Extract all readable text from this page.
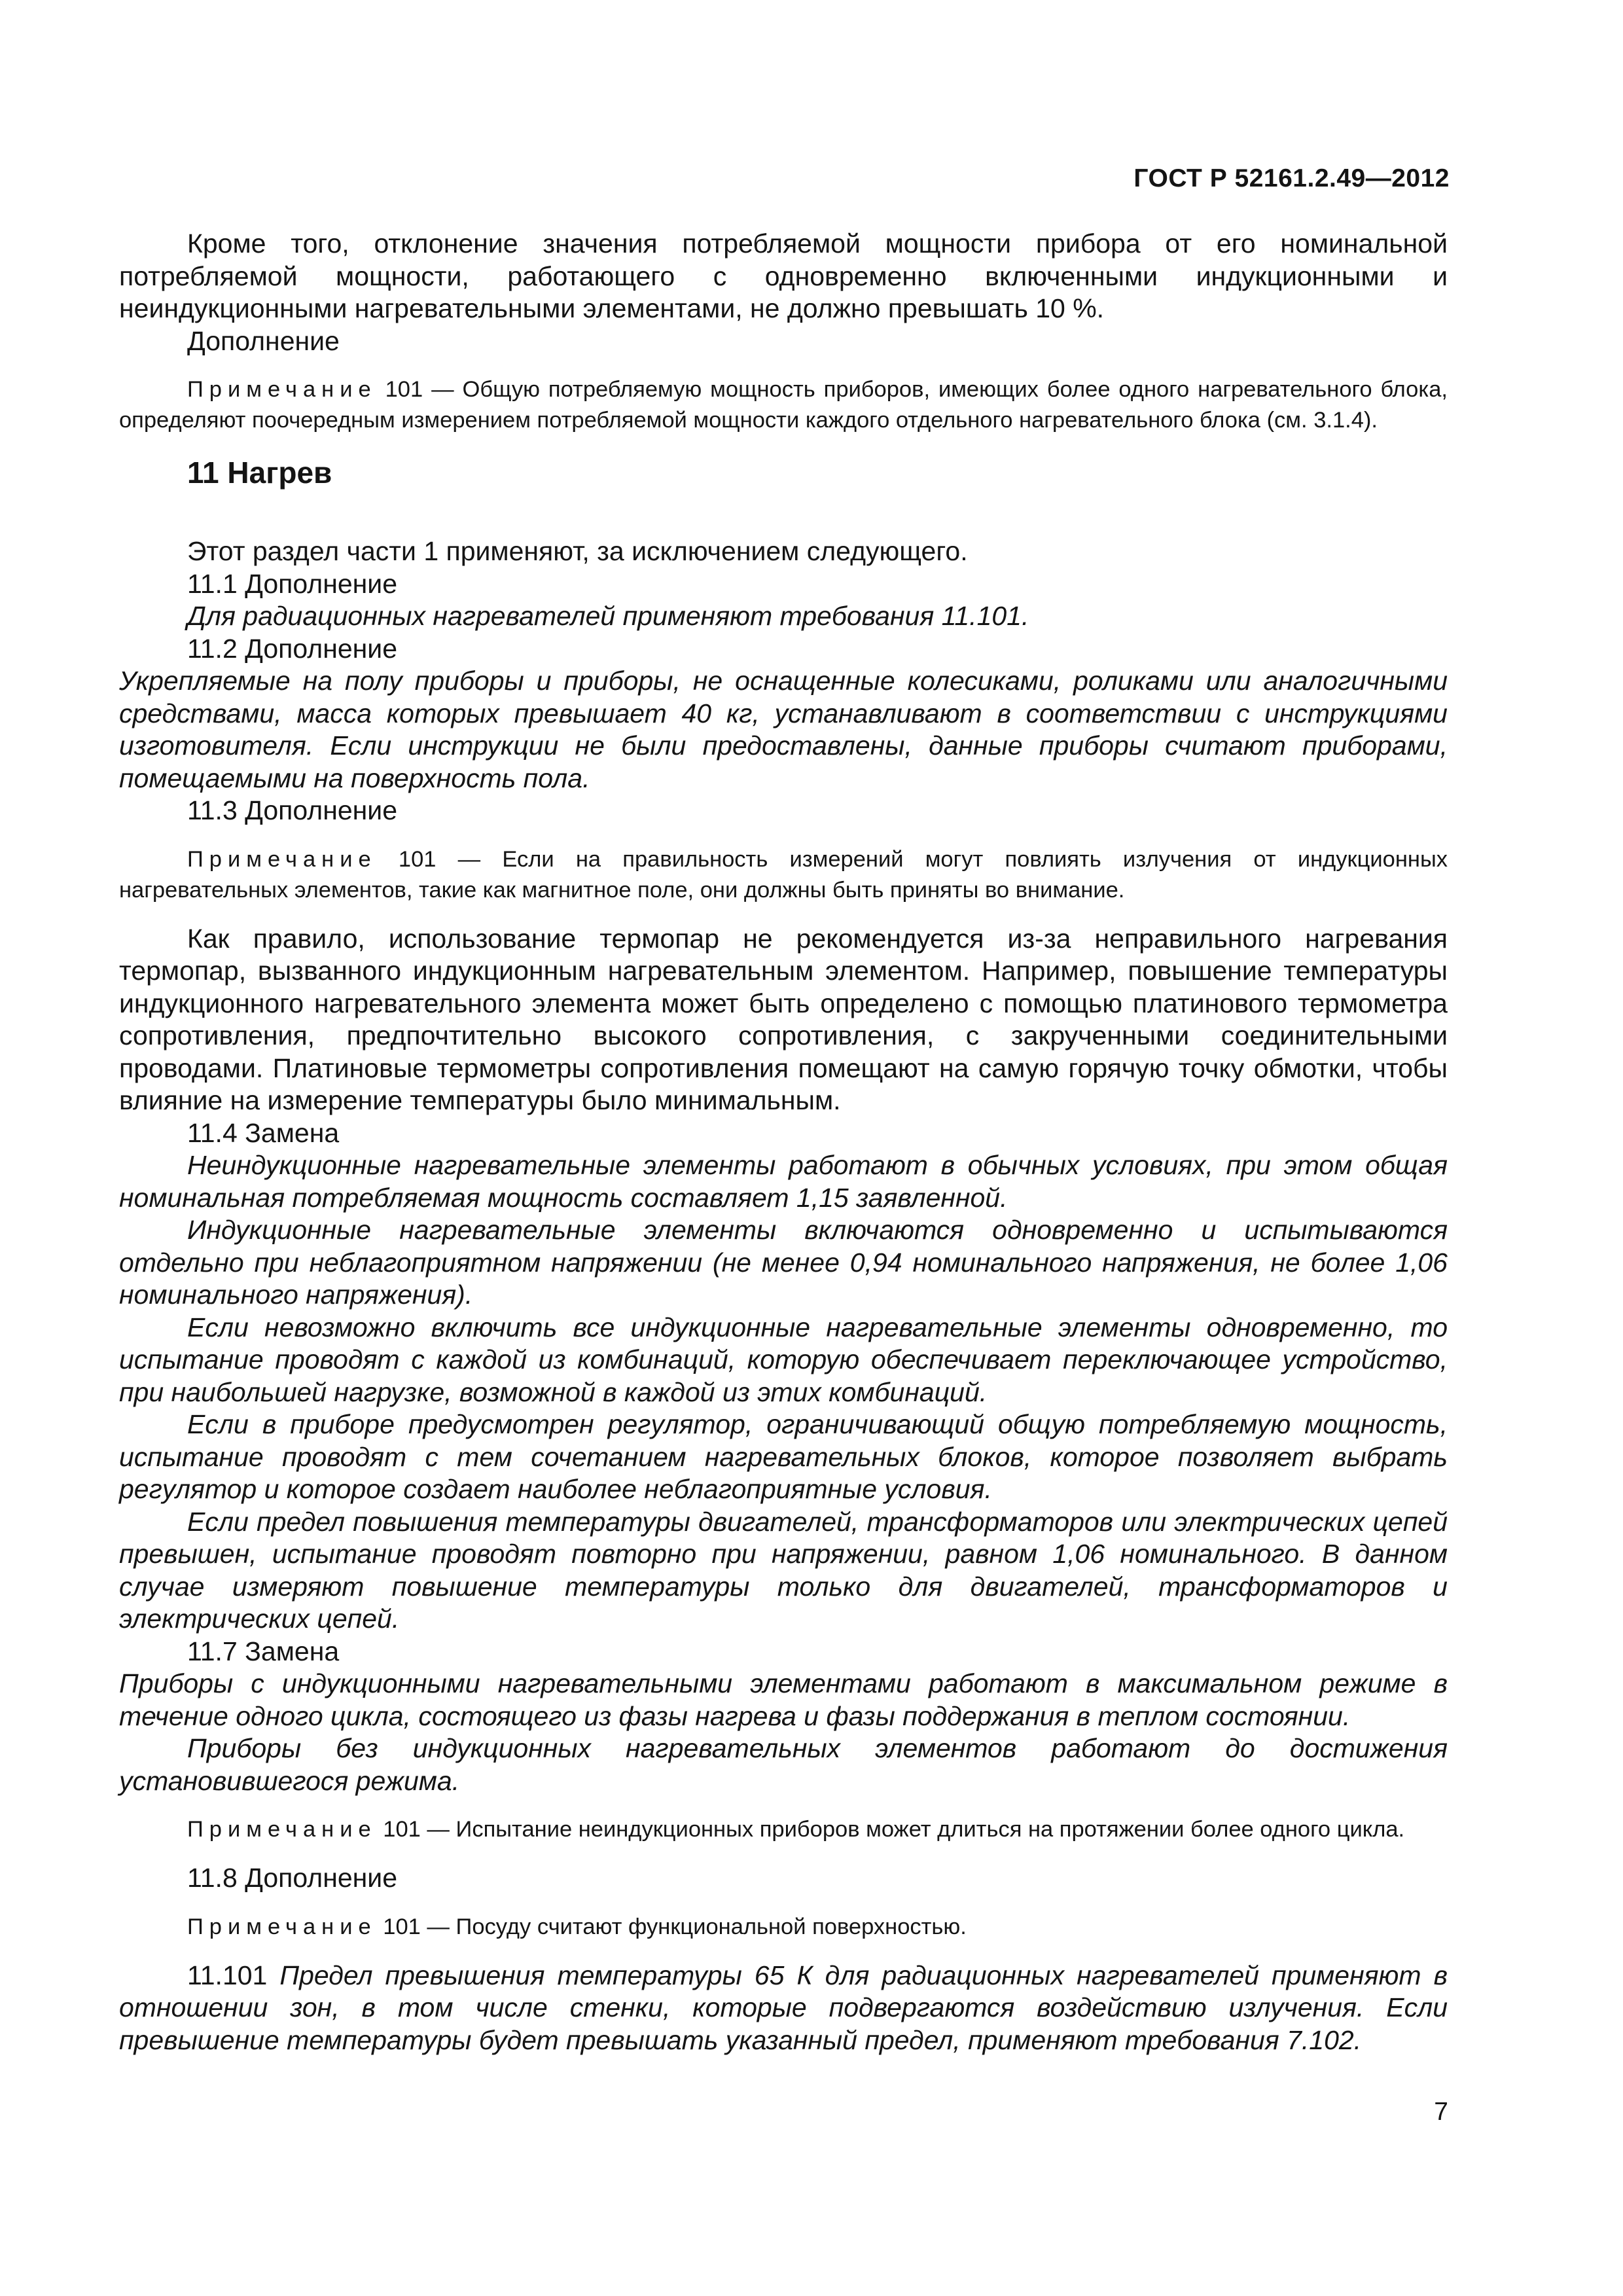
ГОСТ Р 52161.2.49—2012

Кроме того, отклонение значения потребляемой мощности прибора от его номинальной потребляемой мощности, работающего с одновременно включенными индукционными и неиндукционными нагревательными элементами, не должно превышать 10 %.

Дополнение

Примечание 101 — Общую потребляемую мощность приборов, имеющих более одного нагревательного блока, определяют поочередным измерением потребляемой мощности каждого отдельного нагревательного блока (см. 3.1.4).

11 Нагрев

Этот раздел части 1 применяют, за исключением следующего.

11.1 Дополнение

Для радиационных нагревателей применяют требования 11.101.

11.2 Дополнение

Укрепляемые на полу приборы и приборы, не оснащенные колесиками, роликами или аналогичными средствами, масса которых превышает 40 кг, устанавливают в соответствии с инструкциями изготовителя. Если инструкции не были предоставлены, данные приборы считают приборами, помещаемыми на поверхность пола.

11.3 Дополнение

Примечание 101 — Если на правильность измерений могут повлиять излучения от индукционных нагревательных элементов, такие как магнитное поле, они должны быть приняты во внимание.

Как правило, использование термопар не рекомендуется из-за неправильного нагревания термопар, вызванного индукционным нагревательным элементом. Например, повышение температуры индукционного нагревательного элемента может быть определено с помощью платинового термометра сопротивления, предпочтительно высокого сопротивления, с закрученными соединительными проводами. Платиновые термометры сопротивления помещают на самую горячую точку обмотки, чтобы влияние на измерение температуры было минимальным.

11.4 Замена

Неиндукционные нагревательные элементы работают в обычных условиях, при этом общая номинальная потребляемая мощность составляет 1,15 заявленной.

Индукционные нагревательные элементы включаются одновременно и испытываются отдельно при неблагоприятном напряжении (не менее 0,94 номинального напряжения, не более 1,06 номинального напряжения).

Если невозможно включить все индукционные нагревательные элементы одновременно, то испытание проводят с каждой из комбинаций, которую обеспечивает переключающее устройство, при наибольшей нагрузке, возможной в каждой из этих комбинаций.

Если в приборе предусмотрен регулятор, ограничивающий общую потребляемую мощность, испытание проводят с тем сочетанием нагревательных блоков, которое позволяет выбрать регулятор и которое создает наиболее неблагоприятные условия.

Если предел повышения температуры двигателей, трансформаторов или электрических цепей превышен, испытание проводят повторно при напряжении, равном 1,06 номинального. В данном случае измеряют повышение температуры только для двигателей, трансформаторов и электрических цепей.

11.7 Замена

Приборы с индукционными нагревательными элементами работают в максимальном режиме в течение одного цикла, состоящего из фазы нагрева и фазы поддержания в теплом состоянии.

Приборы без индукционных нагревательных элементов работают до достижения установившегося режима.

Примечание 101 — Испытание неиндукционных приборов может длиться на протяжении более одного цикла.

11.8 Дополнение

Примечание 101 — Посуду считают функциональной поверхностью.

11.101 Предел превышения температуры 65 К для радиационных нагревателей применяют в отношении зон, в том числе стенки, которые подвергаются воздействию излучения. Если превышение температуры будет превышать указанный предел, применяют требования 7.102.

7
